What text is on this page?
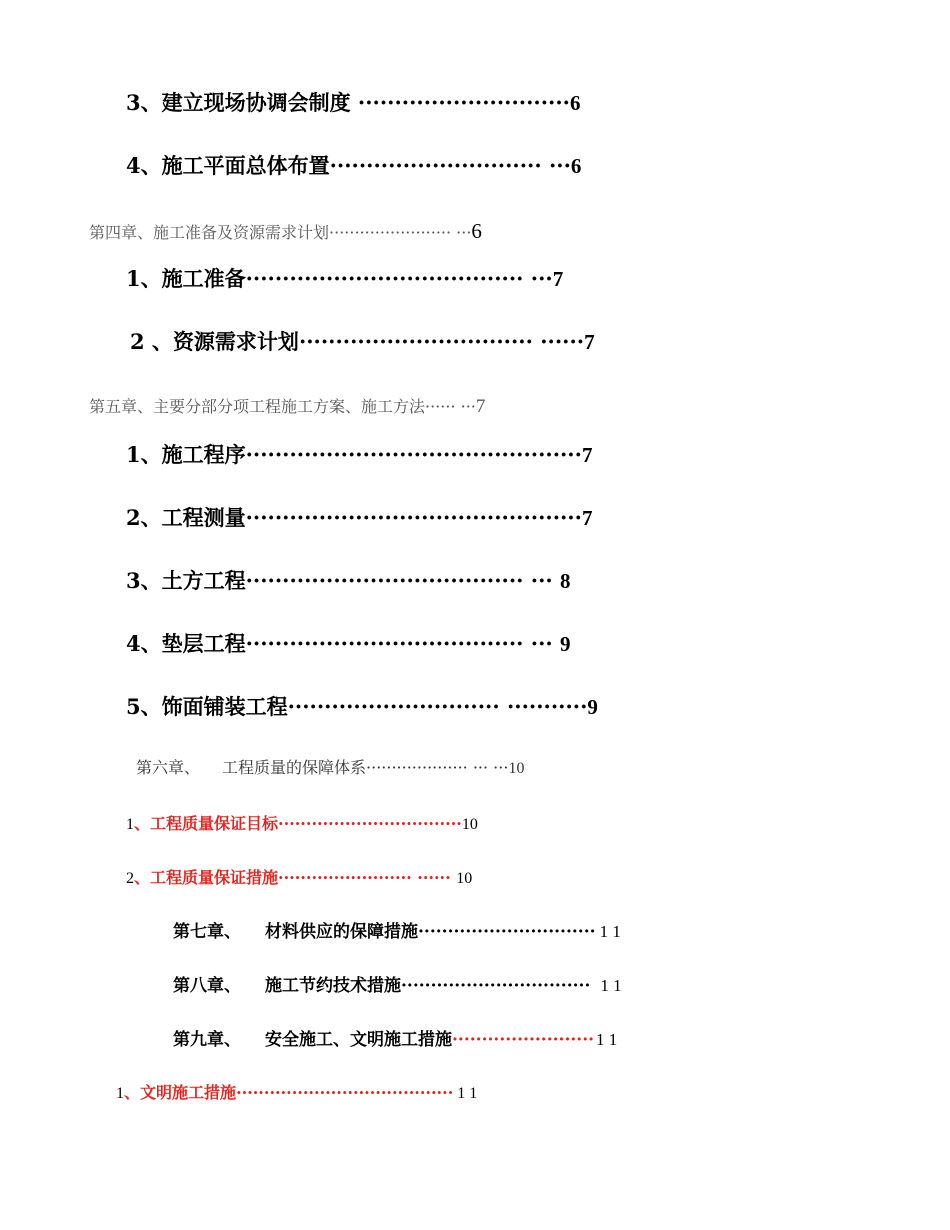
3、建立现场协调会制度 ·····························6
4、施工平面总体布置····························· ···6
第四章、施工准备及资源需求计划························ ···6
1、施工准备······································ ···7
2 、资源需求计划································ ······7
第五章、主要分部分项工程施工方案、施工方法······ ···7
1、施工程序··············································7
2、工程测量··············································7
3、土方工程······································ ··· 8
4、垫层工程······································ ··· 9
5、饰面铺装工程····························· ···········9
第六章、 工程质量的保障体系···················· ··· ···10
1、工程质量保证目标·································10
2、工程质量保证措施························ ······ 10
第七章、 材料供应的保障措施······························ 1 1
第八章、 施工节约技术措施································ 1 1
第九章、 安全施工、文明施工措施························ 1 1
1、文明施工措施······································· 1 1
